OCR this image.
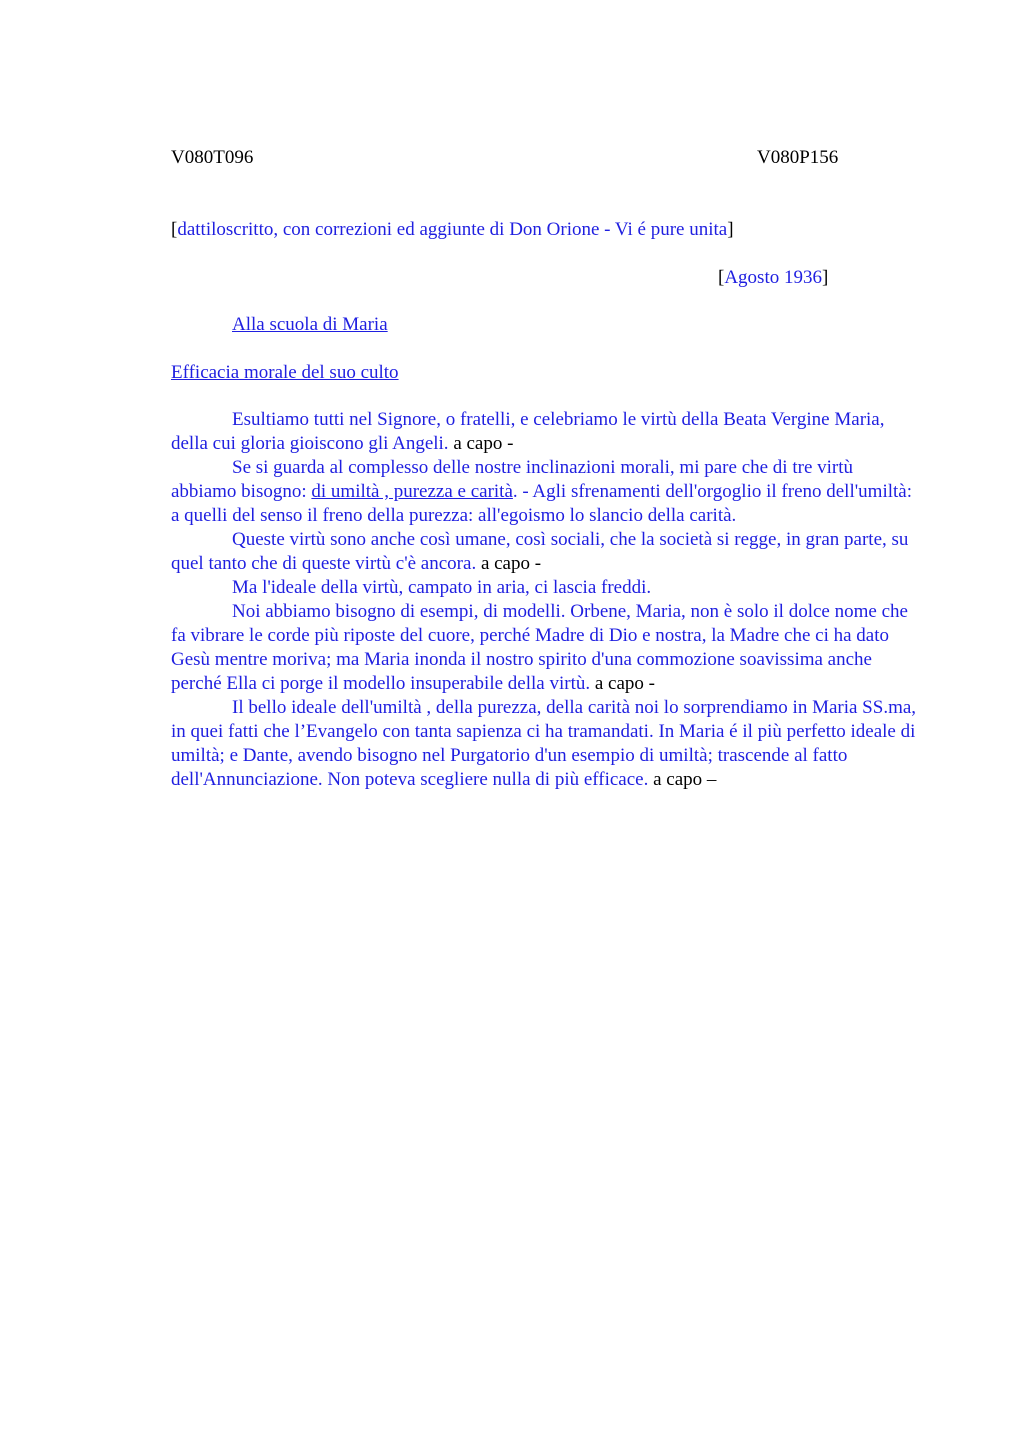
V080T096	V080P156
[dattiloscritto, con correzioni ed aggiunte di Don Orione - Vi é pure unita]
[Agosto 1936]
Alla scuola di Maria
Efficacia morale del suo culto

Esultiamo tutti nel Signore, o fratelli, e celebriamo le virtù della Beata Vergine Maria, della cui gloria gioiscono gli Angeli. a capo -

Se si guarda al complesso delle nostre inclinazioni morali, mi pare che di tre virtù abbiamo bisogno: di umiltà , purezza e carità. - Agli sfrenamenti dell'orgoglio il freno dell'umiltà: a quelli del senso il freno della purezza: all'egoismo lo slancio della carità.

Queste virtù sono anche così umane, così sociali, che la società si regge, in gran parte, su quel tanto che di queste virtù c'è ancora. a capo -

Ma l'ideale della virtù, campato in aria, ci lascia freddi.

Noi abbiamo bisogno di esempi, di modelli. Orbene, Maria, non è solo il dolce nome che fa vibrare le corde più riposte del cuore, perché Madre di Dio e nostra, la Madre che ci ha dato Gesù mentre moriva; ma Maria inonda il nostro spirito d'una commozione soavissima anche perché Ella ci porge il modello insuperabile della virtù. a capo -

Il bello ideale dell'umiltà , della purezza, della carità noi lo sorprendiamo in Maria SS.ma, in quei fatti che l’Evangelo con tanta sapienza ci ha tramandati. In Maria é il più perfetto ideale di umiltà; e Dante, avendo bisogno nel Purgatorio d'un esempio di umiltà; trascende al fatto dell'Annunciazione. Non poteva scegliere nulla di più efficace. a capo –
